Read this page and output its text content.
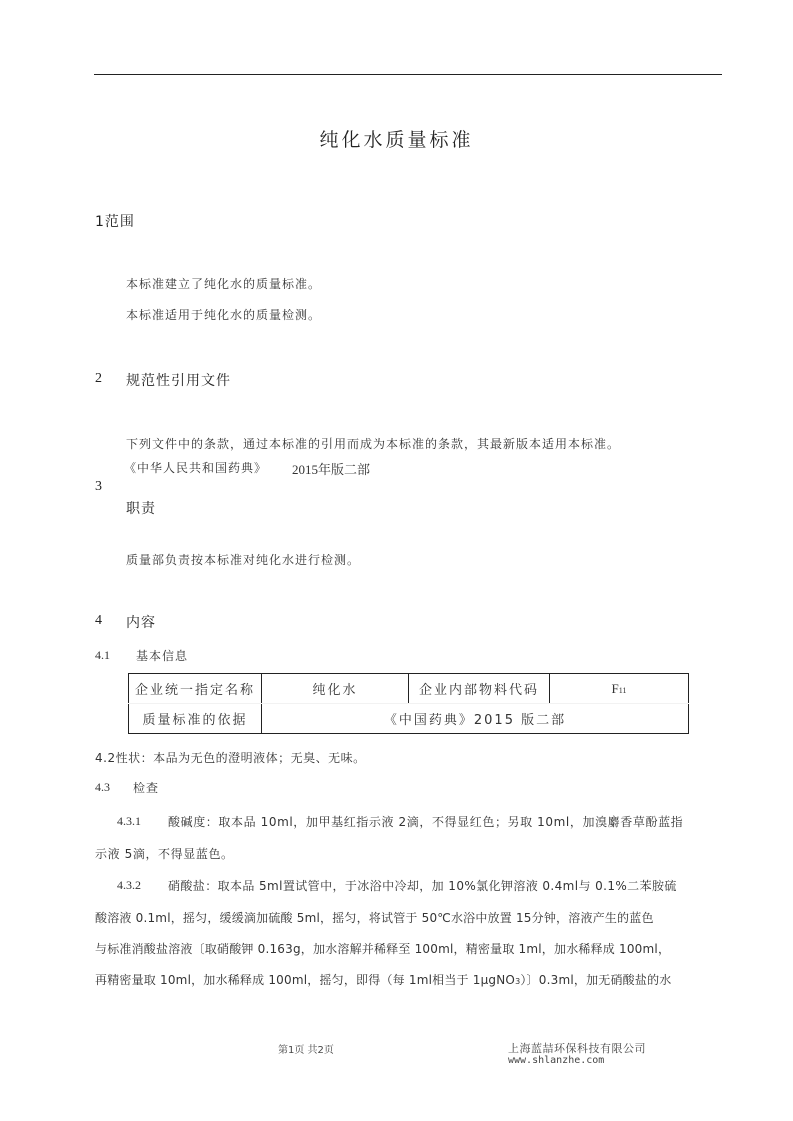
纯化水质量标准
1范围
本标准建立了纯化水的质量标准。
本标准适用于纯化水的质量检测。
2 规范性引用文件
下列文件中的条款，通过本标准的引用而成为本标准的条款，其最新版本适用本标准。
《中华人民共和国药典》 2015年版二部
3
职责
质量部负责按本标准对纯化水进行检测。
4 内容
4.1 基本信息
企业统一指定名称	纯化水	企业内部物料代码	F11
质量标准的依据	《中国药典》2015 版二部		
4.2性状：本品为无色的澄明液体；无臭、无味。
4.3 检查
4.3.1 酸碱度：取本品 10ml，加甲基红指示液 2滴，不得显红色；另取 10ml，加溴麝香草酚蓝指
示液 5滴，不得显蓝色。
4.3.2 硝酸盐：取本品 5ml置试管中，于冰浴中冷却，加 10%氯化钾溶液 0.4ml与 0.1%二苯胺硫
酸溶液 0.1ml，摇匀，缓缓滴加硫酸 5ml，摇匀，将试管于 50℃水浴中放置 15分钟，溶液产生的蓝色
与标准消酸盐溶液〔取硝酸钾 0.163g，加水溶解并稀释至 100ml，精密量取 1ml，加水稀释成 100ml，
再精密量取 10ml，加水稀释成 100ml，摇匀，即得（每 1ml相当于 1μgNO3）〕0.3ml，加无硝酸盐的水
第1页 共2页	上海蓝喆环保科技有限公司
www.shlanzhe.com
